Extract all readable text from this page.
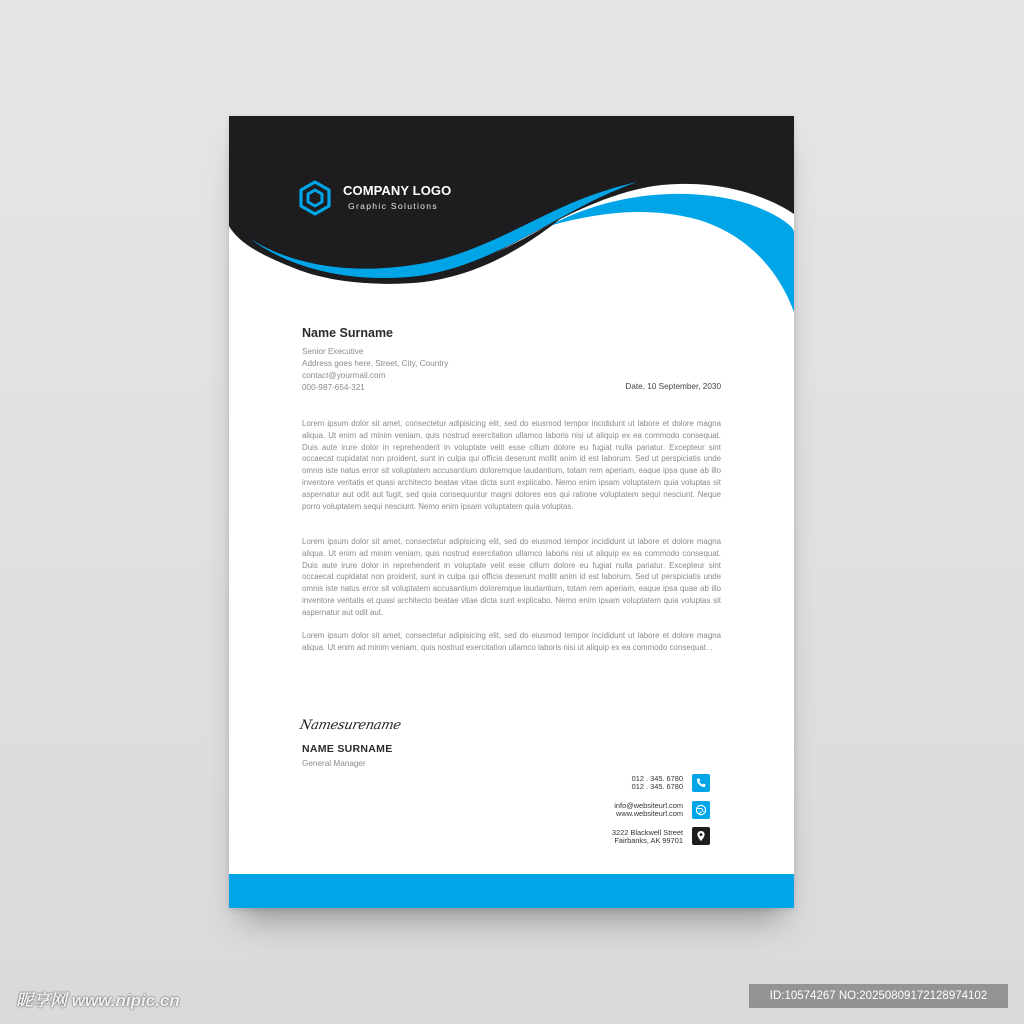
COMPANY LOGO
Graphic Solutions
Name Surname
Senior Executive
Address goes here, Street, City, Country
contact@yourmail.com
000-987-654-321	Date, 10 September, 2030

Lorem ipsum dolor sit amet, consectetur adipisicing elit, sed do eiusmod tempor incididunt ut labore et dolore magna aliqua. Ut enim ad minim veniam, quis nostrud exercitation ullamco laboris nisi ut aliquip ex ea commodo consequat. Duis aute irure dolor in reprehenderit in voluptate velit esse cillum dolore eu fugiat nulla pariatur. Excepteur sint occaecat cupidatat non proident, sunt in culpa qui officia deserunt mollit anim id est laborum. Sed ut perspiciatis unde omnis iste natus error sit voluptatem accusantium doloremque laudantium, totam rem aperiam, eaque ipsa quae ab illo inventore veritatis et quasi architecto beatae vitae dicta sunt explicabo. Nemo enim ipsam voluptatem quia voluptas sit aspernatur aut odit aut fugit, sed quia consequuntur magni dolores eos qui ratione voluptatem sequi nesciunt. Neque porro voluptatem sequi nesciunt. Nemo enim ipsam voluptatem quia voluptas.

Lorem ipsum dolor sit amet, consectetur adipisicing elit, sed do eiusmod tempor incididunt ut labore et dolore magna aliqua. Ut enim ad minim veniam, quis nostrud exercitation ullamco laboris nisi ut aliquip ex ea commodo consequat. Duis aute irure dolor in reprehenderit in voluptate velit esse cillum dolore eu fugiat nulla pariatur. Excepteur sint occaecat cupidatat non proident, sunt in culpa qui officia deserunt mollit anim id est laborum. Sed ut perspiciatis unde omnis iste natus error sit voluptatem accusantium doloremque laudantium, totam rem aperiam, eaque ipsa quae ab illo inventore veritatis et quasi architecto beatae vitae dicta sunt explicabo. Nemo enim ipsam voluptatem quia voluptas sit aspernatur aut odit aut.

Lorem ipsum dolor sit amet, consectetur adipisicing elit, sed do eiusmod tempor incididunt ut labore et dolore magna aliqua. Ut enim ad minim veniam, quis nostrud exercitation ullamco laboris nisi ut aliquip ex ea commodo consequat. .

Namesurename
NAME SURNAME
General Manager
012 . 345. 6780
012 . 345. 6780
info@websiteurl.com
www.websiteurl.com
3222 Blackwell Street
Fairbanks, AK 99701
昵享网 www.nipic.cn	ID:10574267 NO:20250809172128974102
